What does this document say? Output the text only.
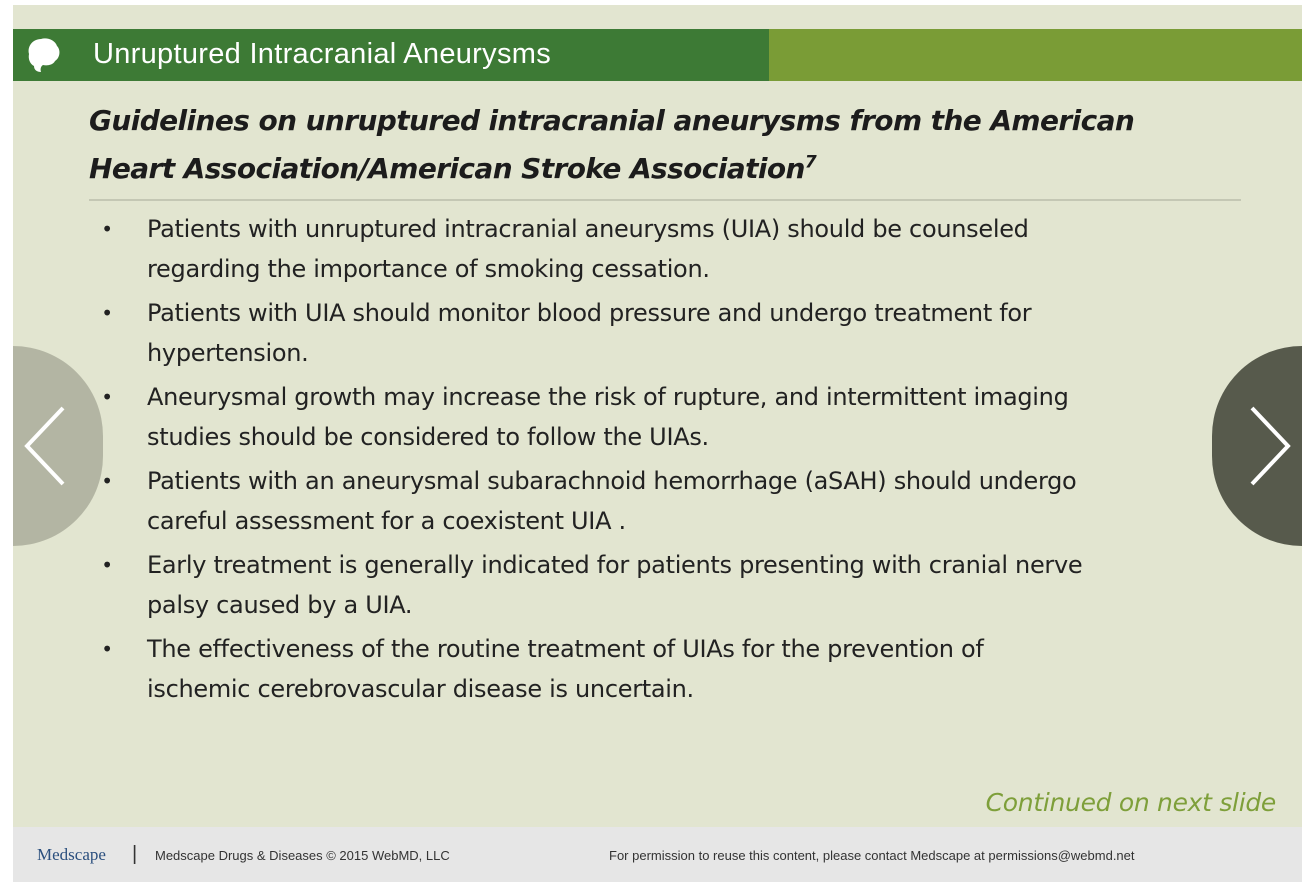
Unruptured Intracranial Aneurysms
Guidelines on unruptured intracranial aneurysms from the American
Heart Association/American Stroke Association$^7$
• Patients with unruptured intracranial aneurysms (UIA) should be counseled
regarding the importance of smoking cessation.
• Patients with UIA should monitor blood pressure and undergo treatment for
hypertension.
• Aneurysmal growth may increase the risk of rupture, and intermittent imaging
studies should be considered to follow the UIAs.
• Patients with an aneurysmal subarachnoid hemorrhage (aSAH) should undergo
careful assessment for a coexistent UIA .
• Early treatment is generally indicated for patients presenting with cranial nerve
palsy caused by a UIA.
• The effectiveness of the routine treatment of UIAs for the prevention of
ischemic cerebrovascular disease is uncertain.
Continued on next slide
Medscape | Medscape Drugs & Diseases © 2015 WebMD, LLC	For permission to reuse this content, please contact Medscape at permissions@webmd.net
